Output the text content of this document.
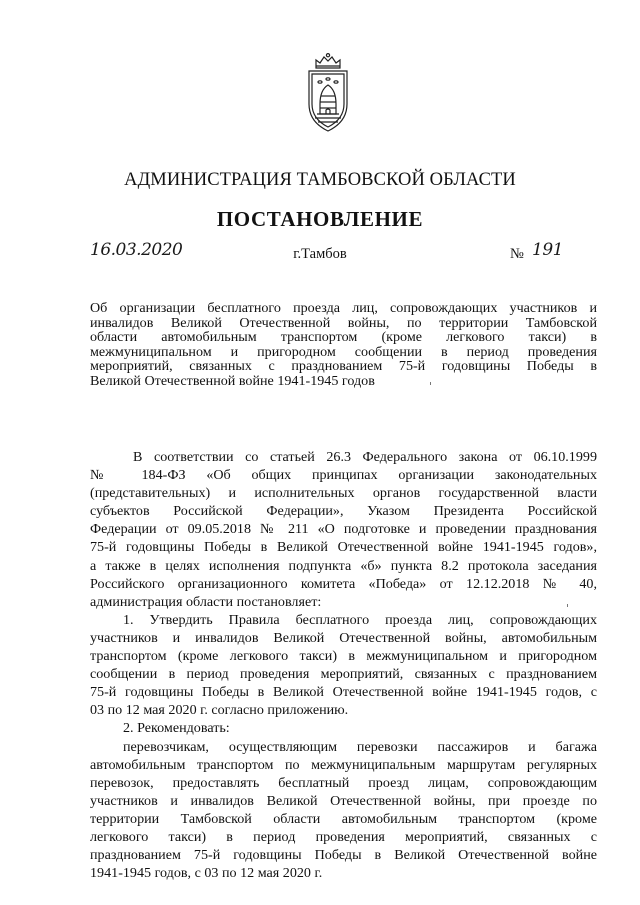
АДМИНИСТРАЦИЯ ТАМБОВСКОЙ ОБЛАСТИ
ПОСТАНОВЛЕНИЕ
16.03.2020	г.Тамбов	№ 191
Об организации бесплатного проезда лиц, сопровождающих участников и
инвалидов Великой Отечественной войны, по территории Тамбовской
области автомобильным транспортом (кроме легкового такси) в
межмуниципальном и пригородном сообщении в период проведения
мероприятий, связанных с празднованием 75-й годовщины Победы в
Великой Отечественной войне 1941-1945 годов
В соответствии со статьей 26.3 Федерального закона от 06.10.1999
№ 184-ФЗ «Об общих принципах организации законодательных
(представительных) и исполнительных органов государственной власти
субъектов Российской Федерации», Указом Президента Российской
Федерации от 09.05.2018 № 211 «О подготовке и проведении празднования
75-й годовщины Победы в Великой Отечественной войне 1941-1945 годов»,
а также в целях исполнения подпункта «б» пункта 8.2 протокола заседания
Российского организационного комитета «Победа» от 12.12.2018 № 40,
администрация области постановляет:
1. Утвердить Правила бесплатного проезда лиц, сопровождающих
участников и инвалидов Великой Отечественной войны, автомобильным
транспортом (кроме легкового такси) в межмуниципальном и пригородном
сообщении в период проведения мероприятий, связанных с празднованием
75-й годовщины Победы в Великой Отечественной войне 1941-1945 годов, с
03 по 12 мая 2020 г. согласно приложению.
2. Рекомендовать:
перевозчикам, осуществляющим перевозки пассажиров и багажа
автомобильным транспортом по межмуниципальным маршрутам регулярных
перевозок, предоставлять бесплатный проезд лицам, сопровождающим
участников и инвалидов Великой Отечественной войны, при проезде по
территории Тамбовской области автомобильным транспортом (кроме
легкового такси) в период проведения мероприятий, связанных с
празднованием 75-й годовщины Победы в Великой Отечественной войне
1941-1945 годов, с 03 по 12 мая 2020 г.
